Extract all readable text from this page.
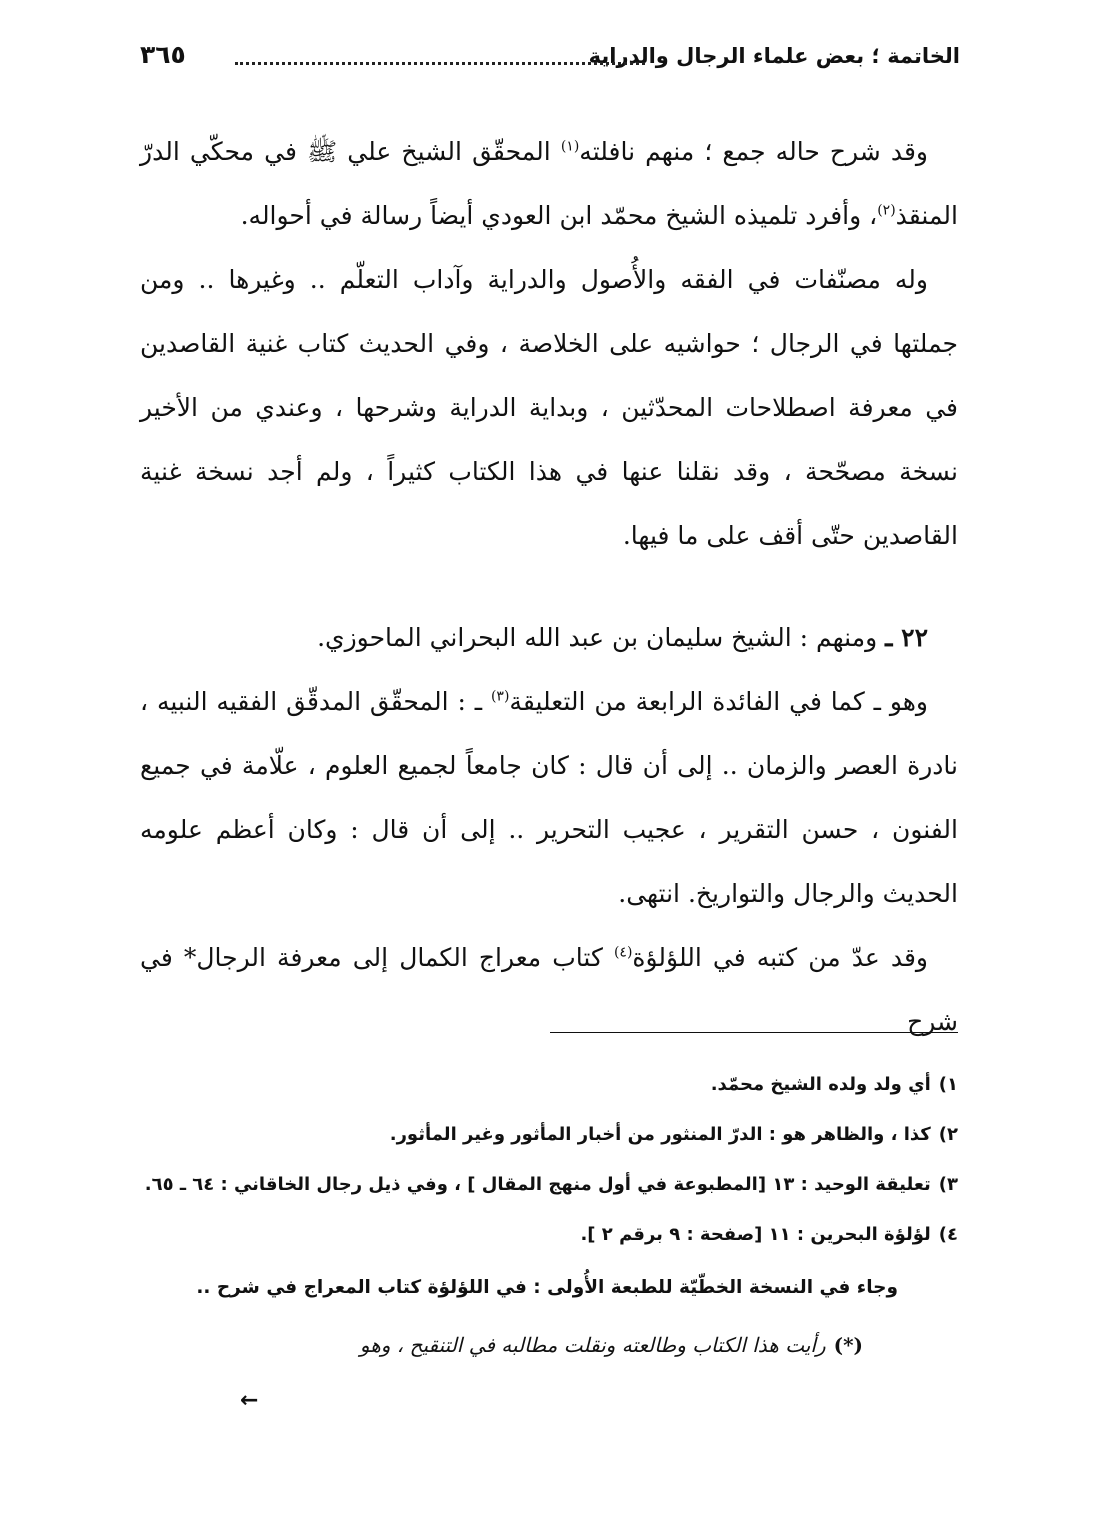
الخاتمة ؛ بعض علماء الرجال والدراية
٣٦٥

وقد شرح حاله جمع ؛ منهم نافلته$^{(١)}$ المحقّق الشيخ علي ﷺ في محكّي الدرّ المنقذ$^{(٢)}$، وأفرد تلميذه الشيخ محمّد ابن العودي أيضاً رسالة في أحواله.

وله مصنّفات في الفقه والأُصول والدراية وآداب التعلّم .. وغيرها .. ومن جملتها في الرجال ؛ حواشيه على الخلاصة ، وفي الحديث كتاب غنية القاصدين في معرفة اصطلاحات المحدّثين ، وبداية الدراية وشرحها ، وعندي من الأخير نسخة مصحّحة ، وقد نقلنا عنها في هذا الكتاب كثيراً ، ولم أجد نسخة غنية القاصدين حتّى أقف على ما فيها.

٢٢ ـ ومنهم : الشيخ سليمان بن عبد الله البحراني الماحوزي.

وهو ـ كما في الفائدة الرابعة من التعليقة$^{(٣)}$ ـ : المحقّق المدقّق الفقيه النبيه ، نادرة العصر والزمان .. إلى أن قال : كان جامعاً لجميع العلوم ، علّامة في جميع الفنون ، حسن التقرير ، عجيب التحرير .. إلى أن قال : وكان أعظم علومه الحديث والرجال والتواريخ. انتهى.

وقد عدّ من كتبه في اللؤلؤة$^{(٤)}$ كتاب معراج الكمال إلى معرفة الرجال* في شرح

١)أي ولد ولده الشيخ محمّد.

٢)كذا ، والظاهر هو : الدرّ المنثور من أخبار المأثور وغير المأثور.

٣)تعليقة الوحيد : ١٣ [المطبوعة في أول منهج المقال ] ، وفي ذيل رجال الخاقاني : ٦٤ ـ ٦٥.

٤)لؤلؤة البحرين : ١١ [صفحة : ٩ برقم ٢ ].

وجاء في النسخة الخطّيّة للطبعة الأُولى : في اللؤلؤة كتاب المعراج في شرح ..

(*)رأيت هذا الكتاب وطالعته ونقلت مطالبه في التنقيح ، وهو

←
